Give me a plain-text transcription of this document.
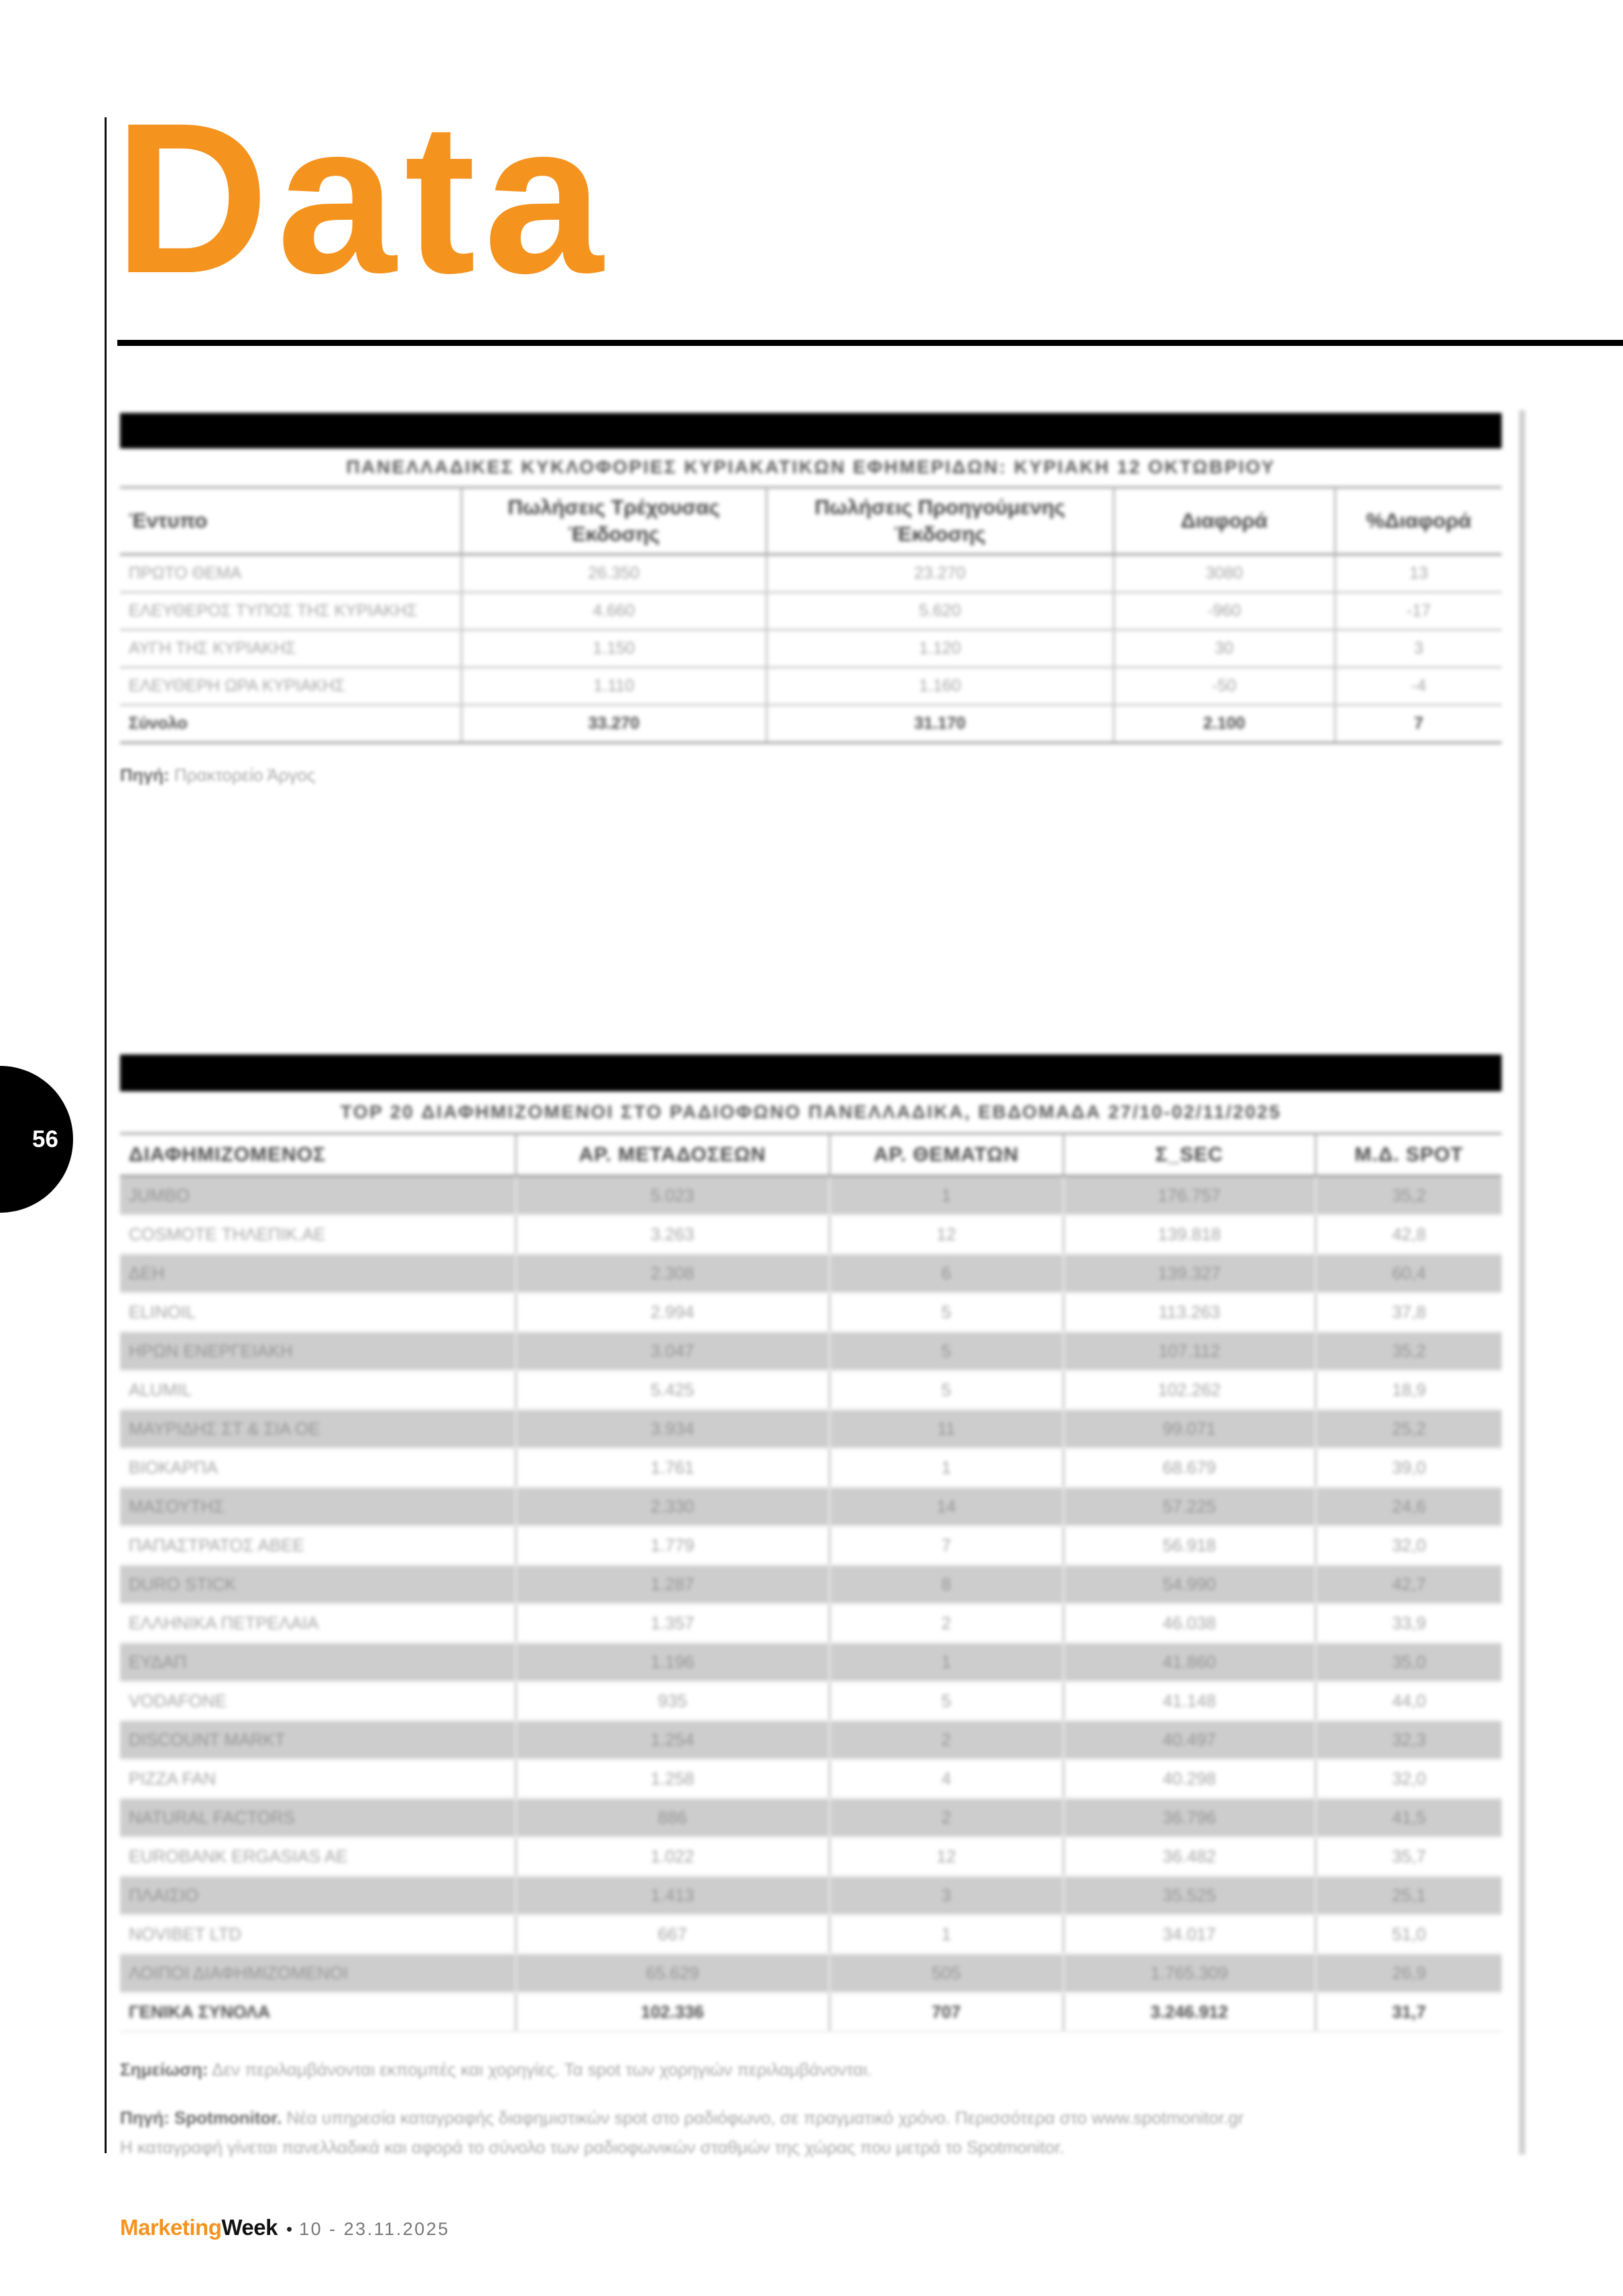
Data
56
ΠΑΝΕΛΛΑΔΙΚΕΣ ΚΥΚΛΟΦΟΡΙΕΣ ΚΥΡΙΑΚΑΤΙΚΩΝ ΕΦΗΜΕΡΙΔΩΝ: ΚΥΡΙΑΚΗ 12 ΟΚΤΩΒΡΙΟΥ
Έντυπο	Πωλήσεις Τρέχουσας Έκδοσης	Πωλήσεις Προηγούμενης Έκδοσης	Διαφορά	%Διαφορά
ΠΡΩΤΟ ΘΕΜΑ	26.350	23.270	3080	13
ΕΛΕΥΘΕΡΟΣ ΤΥΠΟΣ ΤΗΣ ΚΥΡΙΑΚΗΣ	4.660	5.620	-960	-17
ΑΥΓΗ ΤΗΣ ΚΥΡΙΑΚΗΣ	1.150	1.120	30	3
ΕΛΕΥΘΕΡΗ ΩΡΑ ΚΥΡΙΑΚΗΣ	1.110	1.160	-50	-4
Σύνολο	33.270	31.170	2.100	7
Πηγή: Πρακτορείο Άργος
TOP 20 ΔΙΑΦΗΜΙΖΟΜΕΝΟΙ ΣΤΟ ΡΑΔΙΟΦΩΝΟ ΠΑΝΕΛΛΑΔΙΚΑ, ΕΒΔΟΜΑΔΑ 27/10-02/11/2025
ΔΙΑΦΗΜΙΖΟΜΕΝΟΣ	ΑΡ. ΜΕΤΑΔΟΣΕΩΝ	ΑΡ. ΘΕΜΑΤΩΝ	Σ_SEC	Μ.Δ. SPOT
JUMBO	5.023	1	176.757	35,2
COSMOTE ΤΗΛΕΠΙΚ.ΑΕ	3.263	12	139.818	42,8
ΔΕΗ	2.308	6	139.327	60,4
ELINOIL	2.994	5	113.263	37,8
ΗΡΩΝ ΕΝΕΡΓΕΙΑΚΗ	3.047	5	107.112	35,2
ALUMIL	5.425	5	102.262	18,9
ΜΑΥΡΙΔΗΣ ΣΤ & ΣΙΑ ΟΕ	3.934	11	99.071	25,2
ΒΙΟΚΑΡΠΑ	1.761	1	68.679	39,0
ΜΑΣΟΥΤΗΣ	2.330	14	57.225	24,6
ΠΑΠΑΣΤΡΑΤΟΣ ΑΒΕΕ	1.779	7	56.918	32,0
DURO STICK	1.287	8	54.990	42,7
ΕΛΛΗΝΙΚΑ ΠΕΤΡΕΛΑΙΑ	1.357	2	46.038	33,9
ΕΥΔΑΠ	1.196	1	41.860	35,0
VODAFONE	935	5	41.148	44,0
DISCOUNT MARKT	1.254	2	40.497	32,3
PIZZA FAN	1.258	4	40.298	32,0
NATURAL FACTORS	886	2	36.796	41,5
EUROBANK ERGASIAS AE	1.022	12	36.482	35,7
ΠΛΑΙΣΙΟ	1.413	3	35.525	25,1
NOVIBET LTD	667	1	34.017	51,0
ΛΟΙΠΟΙ ΔΙΑΦΗΜΙΖΟΜΕΝΟΙ	65.629	505	1.765.309	26,9
ΓΕΝΙΚΑ ΣΥΝΟΛΑ	102.336	707	3.246.912	31,7
Σημείωση: Δεν περιλαμβάνονται εκπομπές και χορηγίες. Τα spot των χορηγιών περιλαμβάνονται.
Πηγή: Spotmonitor. Νέα υπηρεσία καταγραφής διαφημιστικών spot στο ραδιόφωνο, σε πραγματικό χρόνο. Περισσότερα στο www.spotmonitor.gr
Η καταγραφή γίνεται πανελλαδικά και αφορά το σύνολο των ραδιοφωνικών σταθμών της χώρας που μετρά το Spotmonitor.
MarketingWeek • 10 - 23.11.2025
